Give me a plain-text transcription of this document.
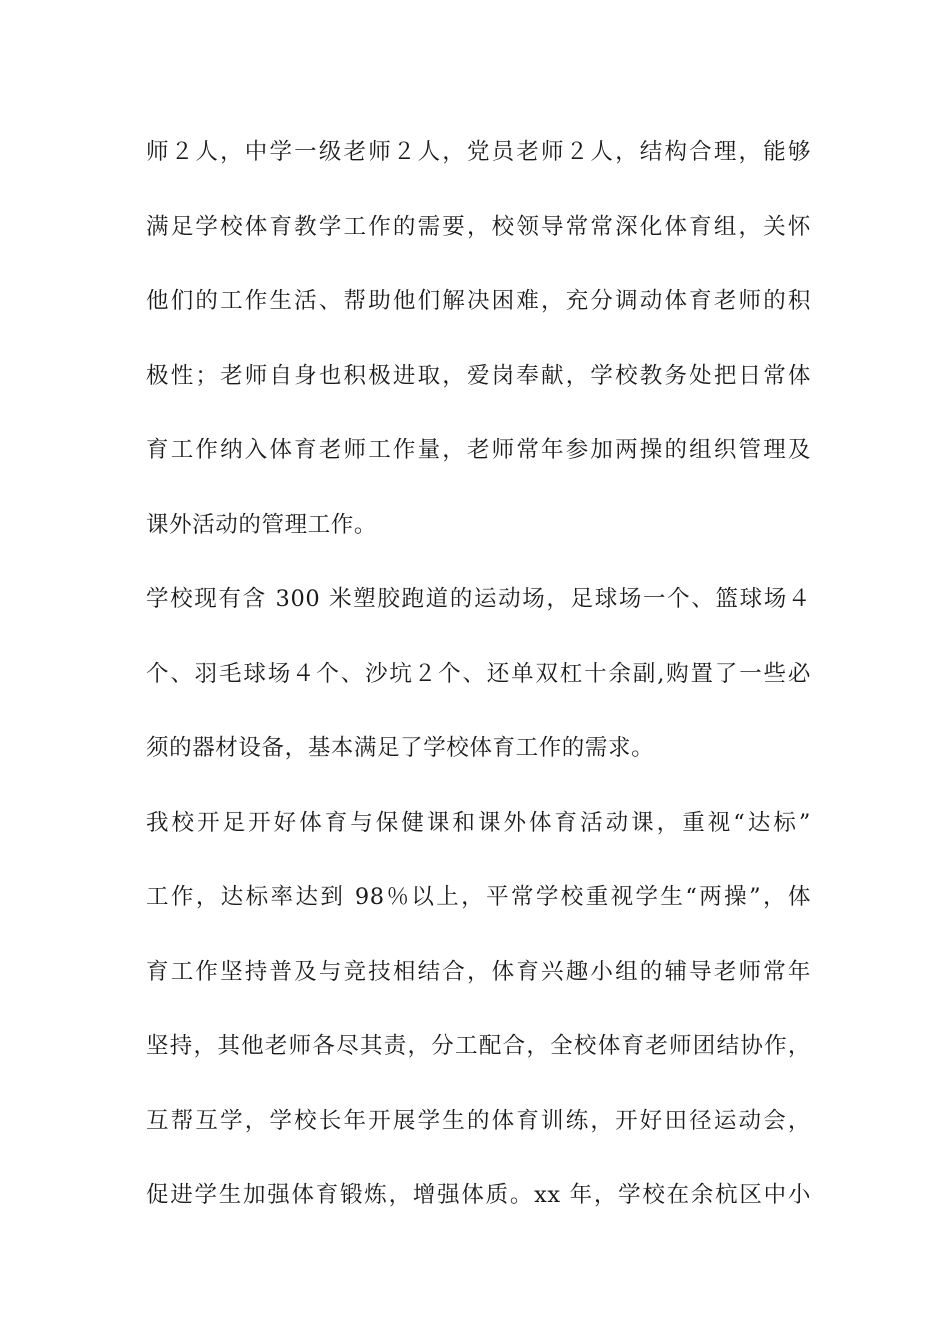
师２人，中学一级老师２人，党员老师２人，结构合理，能够
满足学校体育教学工作的需要，校领导常常深化体育组，关怀
他们的工作生活、帮助他们解决困难，充分调动体育老师的积
极性；老师自身也积极进取，爱岗奉献，学校教务处把日常体
育工作纳入体育老师工作量，老师常年参加两操的组织管理及
课外活动的管理工作。
学校现有含 300 米塑胶跑道的运动场，足球场一个、篮球场４
个、羽毛球场４个、沙坑２个、还单双杠十余副,购置了一些必
须的器材设备，基本满足了学校体育工作的需求。
我校开足开好体育与保健课和课外体育活动课，重视“达标”
工作，达标率达到 98％以上，平常学校重视学生“两操”，体
育工作坚持普及与竞技相结合，体育兴趣小组的辅导老师常年
坚持，其他老师各尽其责，分工配合，全校体育老师团结协作，
互帮互学，学校长年开展学生的体育训练，开好田径运动会，
促进学生加强体育锻炼，增强体质。xx 年，学校在余杭区中小
